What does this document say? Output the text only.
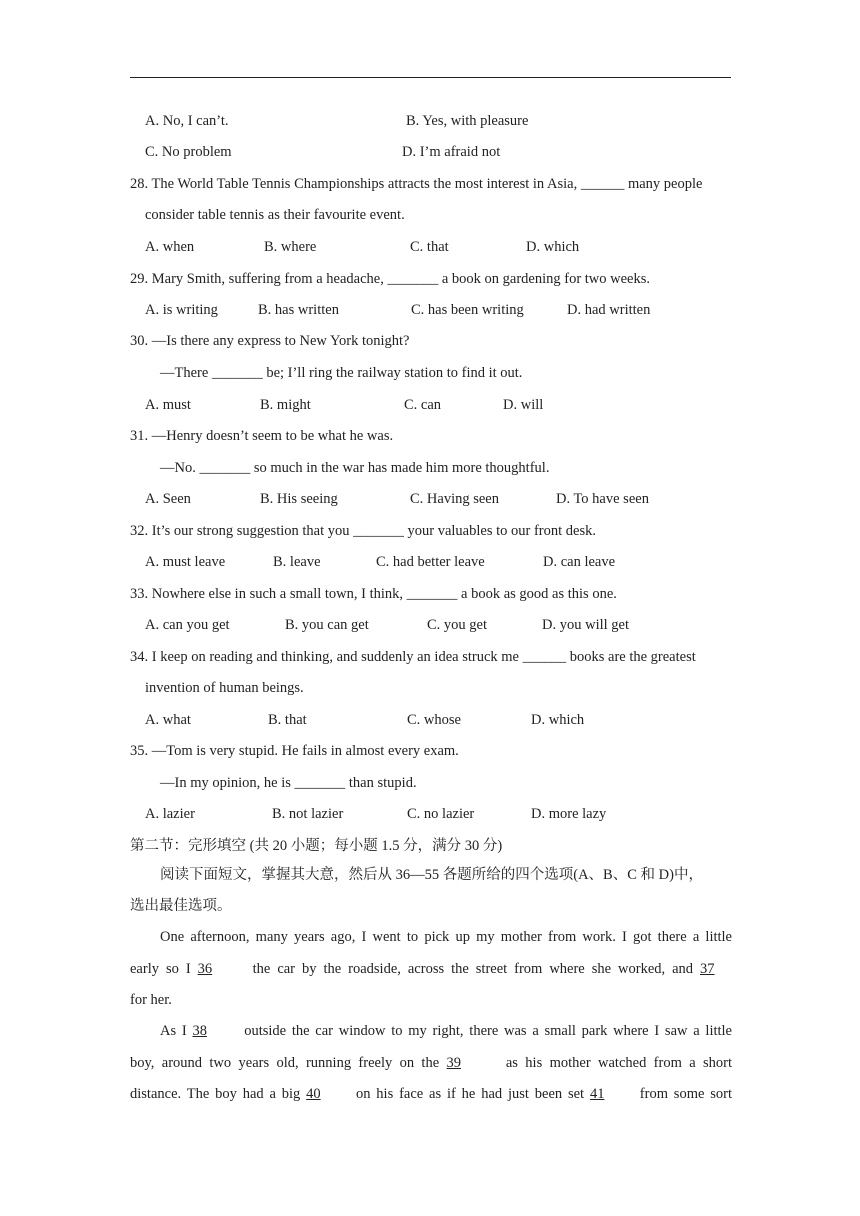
A. No, I can’t.	B. Yes, with pleasure
C. No problem	D. I’m afraid not
28. The World Table Tennis Championships attracts the most interest in Asia, ______ many people
consider table tennis as their favourite event.
A. when	B. where	C. that	D. which
29. Mary Smith, suffering from a headache, _______ a book on gardening for two weeks.
A. is writing	B. has written	C. has been writing	D. had written
30. —Is there any express to New York tonight?
—There _______ be; I’ll ring the railway station to find it out.
A. must	B. might	C. can	D. will
31. —Henry doesn’t seem to be what he was.
—No. _______ so much in the war has made him more thoughtful.
A. Seen	B. His seeing	C. Having seen	D. To have seen
32. It’s our strong suggestion that you _______ your valuables to our front desk.
A. must leave	B. leave	C. had better leave	D. can leave
33. Nowhere else in such a small town, I think, _______ a book as good as this one.
A. can you get	B. you can get	C. you get	D. you will get
34. I keep on reading and thinking, and suddenly an idea struck me ______ books are the greatest
invention of human beings.
A. what	B. that	C. whose	D. which
35. —Tom is very stupid. He fails in almost every exam.
—In my opinion, he is _______ than stupid.
A. lazier	B. not lazier	C. no lazier	D. more lazy
第二节：完形填空 (共 20 小题；每小题 1.5 分，满分 30 分)
阅读下面短文，掌握其大意，然后从 36—55 各题所给的四个选项(A、B、C 和 D)中，
选出最佳选项。
One afternoon, many years ago, I went to pick up my mother from work. I got there a little
early so I 36	the car by the roadside, across the street from where she worked, and 37
for her.
As I 38	outside the car window to my right, there was a small park where I saw a little
boy, around two years old, running freely on the 39	as his mother watched from a short
distance. The boy had a big 40 on his face as if he had just been set 41 from some sort
